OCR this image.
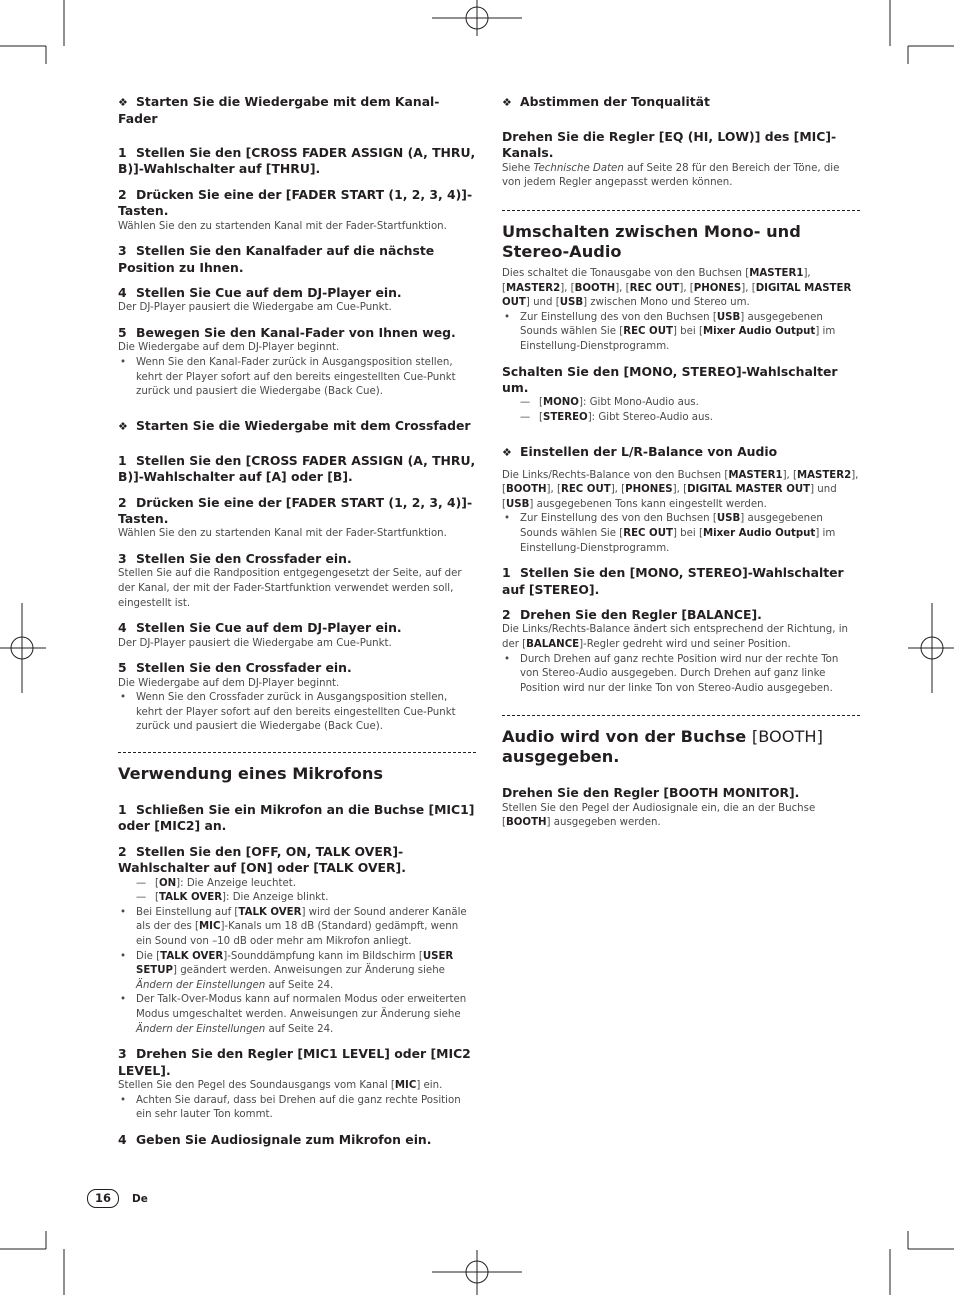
❖ Starten Sie die Wiedergabe mit dem Kanal-Fader

1 Stellen Sie den [CROSS FADER ASSIGN (A, THRU, B)]-Wahlschalter auf [THRU].

2 Drücken Sie eine der [FADER START (1, 2, 3, 4)]-Tasten.

Wählen Sie den zu startenden Kanal mit der Fader-Startfunktion.

3 Stellen Sie den Kanalfader auf die nächste Position zu Ihnen.

4 Stellen Sie Cue auf dem DJ-Player ein.

Der DJ-Player pausiert die Wiedergabe am Cue-Punkt.

5 Bewegen Sie den Kanal-Fader von Ihnen weg.

Die Wiedergabe auf dem DJ-Player beginnt.

• Wenn Sie den Kanal-Fader zurück in Ausgangsposition stellen, kehrt der Player sofort auf den bereits eingestellten Cue-Punkt zurück und pausiert die Wiedergabe (Back Cue).

❖ Starten Sie die Wiedergabe mit dem Crossfader

1 Stellen Sie den [CROSS FADER ASSIGN (A, THRU, B)]-Wahlschalter auf [A] oder [B].

2 Drücken Sie eine der [FADER START (1, 2, 3, 4)]-Tasten.

Wählen Sie den zu startenden Kanal mit der Fader-Startfunktion.

3 Stellen Sie den Crossfader ein.

Stellen Sie auf die Randposition entgegengesetzt der Seite, auf der der Kanal, der mit der Fader-Startfunktion verwendet werden soll, eingestellt ist.

4 Stellen Sie Cue auf dem DJ-Player ein.

Der DJ-Player pausiert die Wiedergabe am Cue-Punkt.

5 Stellen Sie den Crossfader ein.

Die Wiedergabe auf dem DJ-Player beginnt.

• Wenn Sie den Crossfader zurück in Ausgangsposition stellen, kehrt der Player sofort auf den bereits eingestellten Cue-Punkt zurück und pausiert die Wiedergabe (Back Cue).

Verwendung eines Mikrofons

1 Schließen Sie ein Mikrofon an die Buchse [MIC1] oder [MIC2] an.

2 Stellen Sie den [OFF, ON, TALK OVER]-Wahlschalter auf [ON] oder [TALK OVER].

— [ON]: Die Anzeige leuchtet.

— [TALK OVER]: Die Anzeige blinkt.

• Bei Einstellung auf [TALK OVER] wird der Sound anderer Kanäle als der des [MIC]-Kanals um 18 dB (Standard) gedämpft, wenn ein Sound von –10 dB oder mehr am Mikrofon anliegt.

• Die [TALK OVER]-Sounddämpfung kann im Bildschirm [USER SETUP] geändert werden. Anweisungen zur Änderung siehe Ändern der Einstellungen auf Seite 24.

• Der Talk-Over-Modus kann auf normalen Modus oder erweiterten Modus umgeschaltet werden. Anweisungen zur Änderung siehe Ändern der Einstellungen auf Seite 24.

3 Drehen Sie den Regler [MIC1 LEVEL] oder [MIC2 LEVEL].

Stellen Sie den Pegel des Soundausgangs vom Kanal [MIC] ein.

• Achten Sie darauf, dass bei Drehen auf die ganz rechte Position ein sehr lauter Ton kommt.

4 Geben Sie Audiosignale zum Mikrofon ein.

❖ Abstimmen der Tonqualität

Drehen Sie die Regler [EQ (HI, LOW)] des [MIC]-Kanals.

Siehe Technische Daten auf Seite 28 für den Bereich der Töne, die von jedem Regler angepasst werden können.

Umschalten zwischen Mono- und Stereo-Audio

Dies schaltet die Tonausgabe von den Buchsen [MASTER1], [MASTER2], [BOOTH], [REC OUT], [PHONES], [DIGITAL MASTER OUT] und [USB] zwischen Mono und Stereo um.

• Zur Einstellung des von den Buchsen [USB] ausgegebenen Sounds wählen Sie [REC OUT] bei [Mixer Audio Output] im Einstellung-Dienstprogramm.

Schalten Sie den [MONO, STEREO]-Wahlschalter um.

— [MONO]: Gibt Mono-Audio aus.

— [STEREO]: Gibt Stereo-Audio aus.

❖ Einstellen der L/R-Balance von Audio

Die Links/Rechts-Balance von den Buchsen [MASTER1], [MASTER2], [BOOTH], [REC OUT], [PHONES], [DIGITAL MASTER OUT] und [USB] ausgegebenen Tons kann eingestellt werden.

• Zur Einstellung des von den Buchsen [USB] ausgegebenen Sounds wählen Sie [REC OUT] bei [Mixer Audio Output] im Einstellung-Dienstprogramm.

1 Stellen Sie den [MONO, STEREO]-Wahlschalter auf [STEREO].

2 Drehen Sie den Regler [BALANCE].

Die Links/Rechts-Balance ändert sich entsprechend der Richtung, in der [BALANCE]-Regler gedreht wird und seiner Position.

• Durch Drehen auf ganz rechte Position wird nur der rechte Ton von Stereo-Audio ausgegeben. Durch Drehen auf ganz linke Position wird nur der linke Ton von Stereo-Audio ausgegeben.

Audio wird von der Buchse [BOOTH] ausgegeben.

Drehen Sie den Regler [BOOTH MONITOR].

Stellen Sie den Pegel der Audiosignale ein, die an der Buchse [BOOTH] ausgegeben werden.

16	De
